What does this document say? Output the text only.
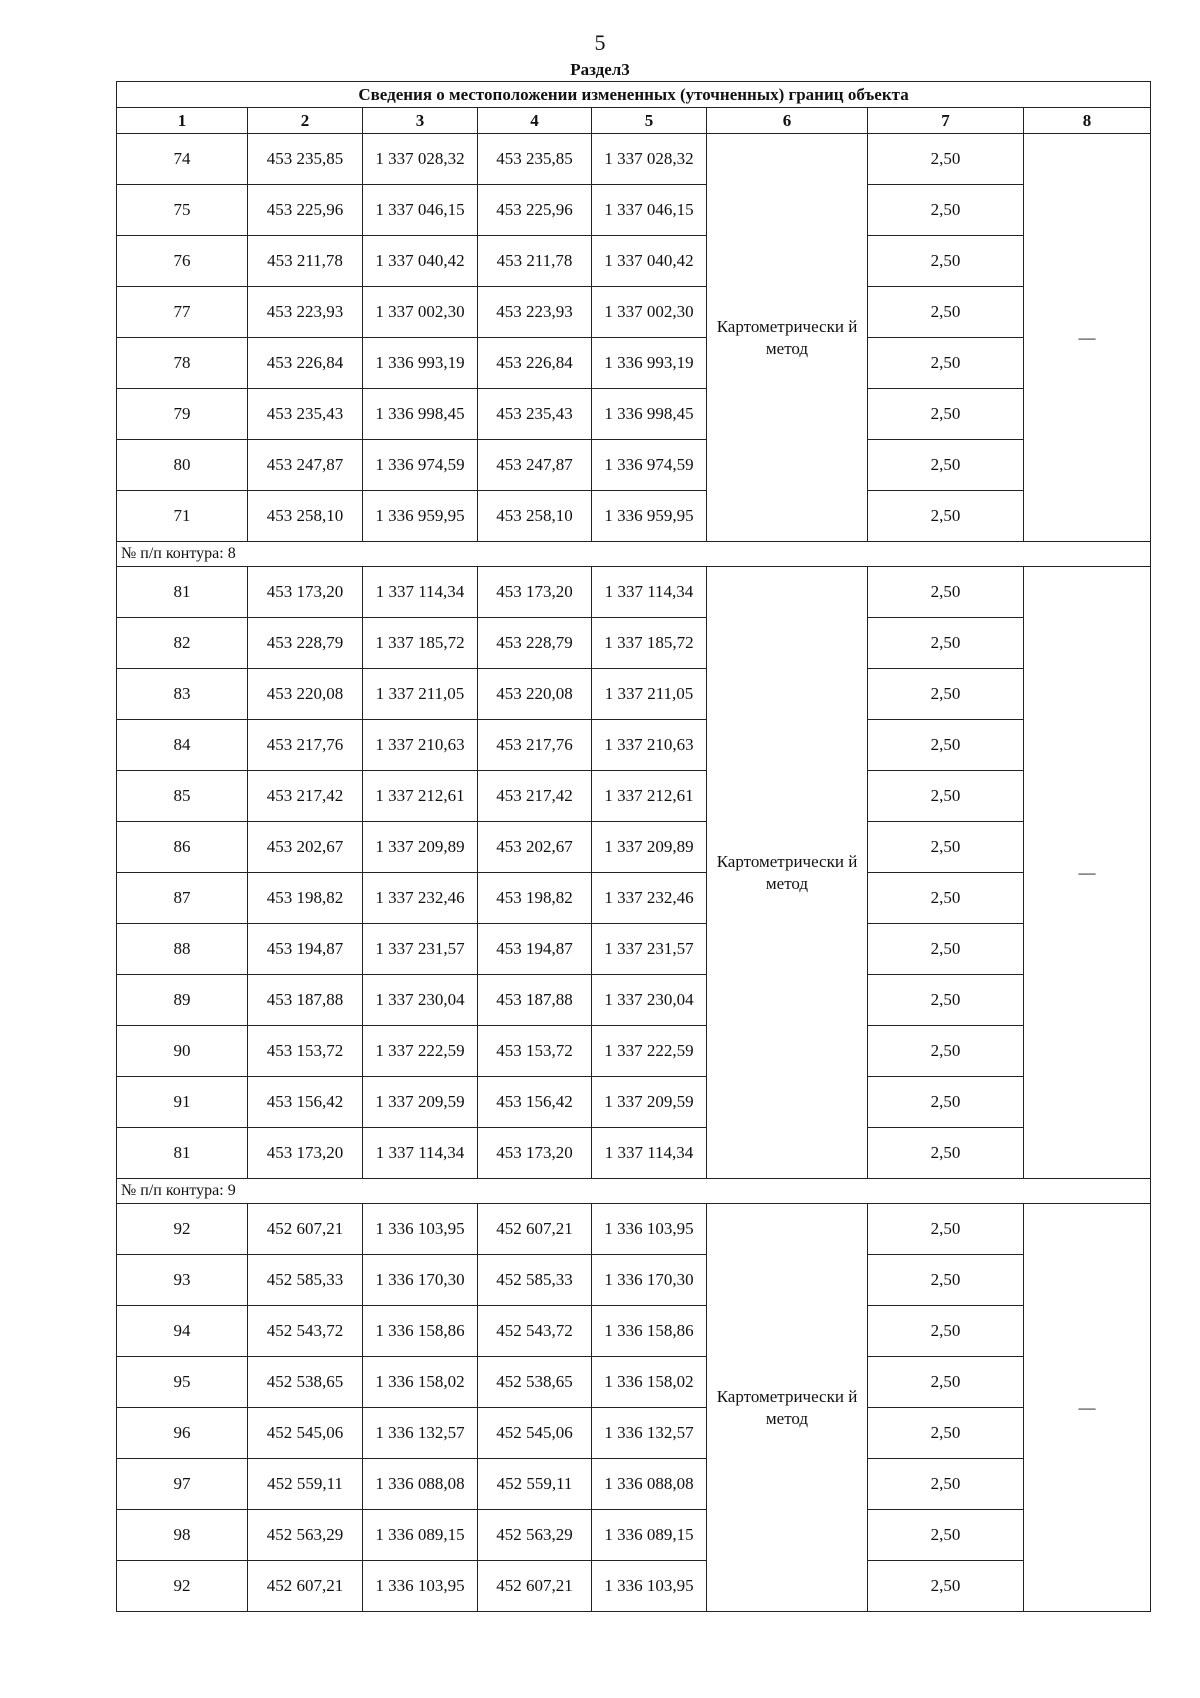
5
Раздел3
Сведения о местоположении измененных (уточненных) границ объекта							
1	2	3	4	5	6	7	8
74	453 235,85	1 337 028,32	453 235,85	1 337 028,32	Картометрически й метод	2,50	—
75	453 225,96	1 337 046,15	453 225,96	1 337 046,15		2,50	
76	453 211,78	1 337 040,42	453 211,78	1 337 040,42		2,50	
77	453 223,93	1 337 002,30	453 223,93	1 337 002,30		2,50	
78	453 226,84	1 336 993,19	453 226,84	1 336 993,19		2,50	
79	453 235,43	1 336 998,45	453 235,43	1 336 998,45		2,50	
80	453 247,87	1 336 974,59	453 247,87	1 336 974,59		2,50	
71	453 258,10	1 336 959,95	453 258,10	1 336 959,95		2,50	
№ п/п контура: 8							
81	453 173,20	1 337 114,34	453 173,20	1 337 114,34	Картометрически й метод	2,50	—
82	453 228,79	1 337 185,72	453 228,79	1 337 185,72		2,50	
83	453 220,08	1 337 211,05	453 220,08	1 337 211,05		2,50	
84	453 217,76	1 337 210,63	453 217,76	1 337 210,63		2,50	
85	453 217,42	1 337 212,61	453 217,42	1 337 212,61		2,50	
86	453 202,67	1 337 209,89	453 202,67	1 337 209,89		2,50	
87	453 198,82	1 337 232,46	453 198,82	1 337 232,46		2,50	
88	453 194,87	1 337 231,57	453 194,87	1 337 231,57		2,50	
89	453 187,88	1 337 230,04	453 187,88	1 337 230,04		2,50	
90	453 153,72	1 337 222,59	453 153,72	1 337 222,59		2,50	
91	453 156,42	1 337 209,59	453 156,42	1 337 209,59		2,50	
81	453 173,20	1 337 114,34	453 173,20	1 337 114,34		2,50	
№ п/п контура: 9							
92	452 607,21	1 336 103,95	452 607,21	1 336 103,95	Картометрически й метод	2,50	—
93	452 585,33	1 336 170,30	452 585,33	1 336 170,30		2,50	
94	452 543,72	1 336 158,86	452 543,72	1 336 158,86		2,50	
95	452 538,65	1 336 158,02	452 538,65	1 336 158,02		2,50	
96	452 545,06	1 336 132,57	452 545,06	1 336 132,57		2,50	
97	452 559,11	1 336 088,08	452 559,11	1 336 088,08		2,50	
98	452 563,29	1 336 089,15	452 563,29	1 336 089,15		2,50	
92	452 607,21	1 336 103,95	452 607,21	1 336 103,95		2,50	
